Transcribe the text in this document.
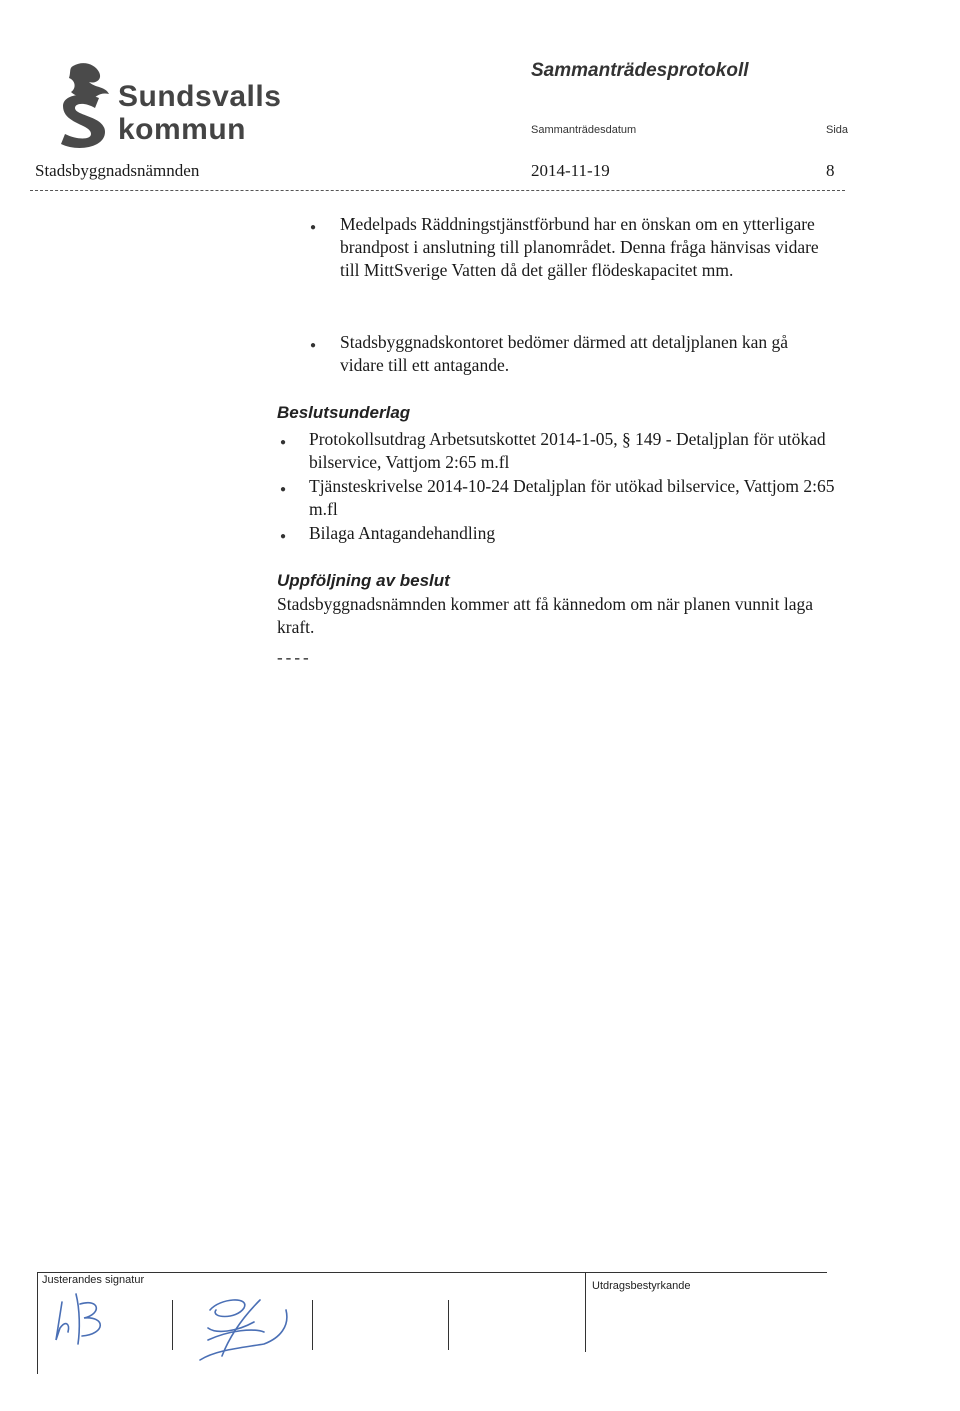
Sundsvalls
kommun
Sammanträdesprotokoll
Sammanträdesdatum	Sida
Stadsbyggnadsnämnden	2014-11-19	8
● Medelpads Räddningstjänstförbund har en önskan om en ytterligare brandpost i anslutning till planområdet. Denna fråga hänvisas vidare till MittSverige Vatten då det gäller flödeskapacitet mm.
● Stadsbyggnadskontoret bedömer därmed att detaljplanen kan gå vidare till ett antagande.
Beslutsunderlag
● Protokollsutdrag Arbetsutskottet 2014-1-05, § 149 - Detaljplan för utökad bilservice, Vattjom 2:65 m.fl
● Tjänsteskrivelse 2014-10-24 Detaljplan för utökad bilservice, Vattjom 2:65 m.fl
● Bilaga Antagandehandling
Uppföljning av beslut
Stadsbyggnadsnämnden kommer att få kännedom om när planen vunnit laga kraft.
----
Justerandes signatur	Utdragsbestyrkande
